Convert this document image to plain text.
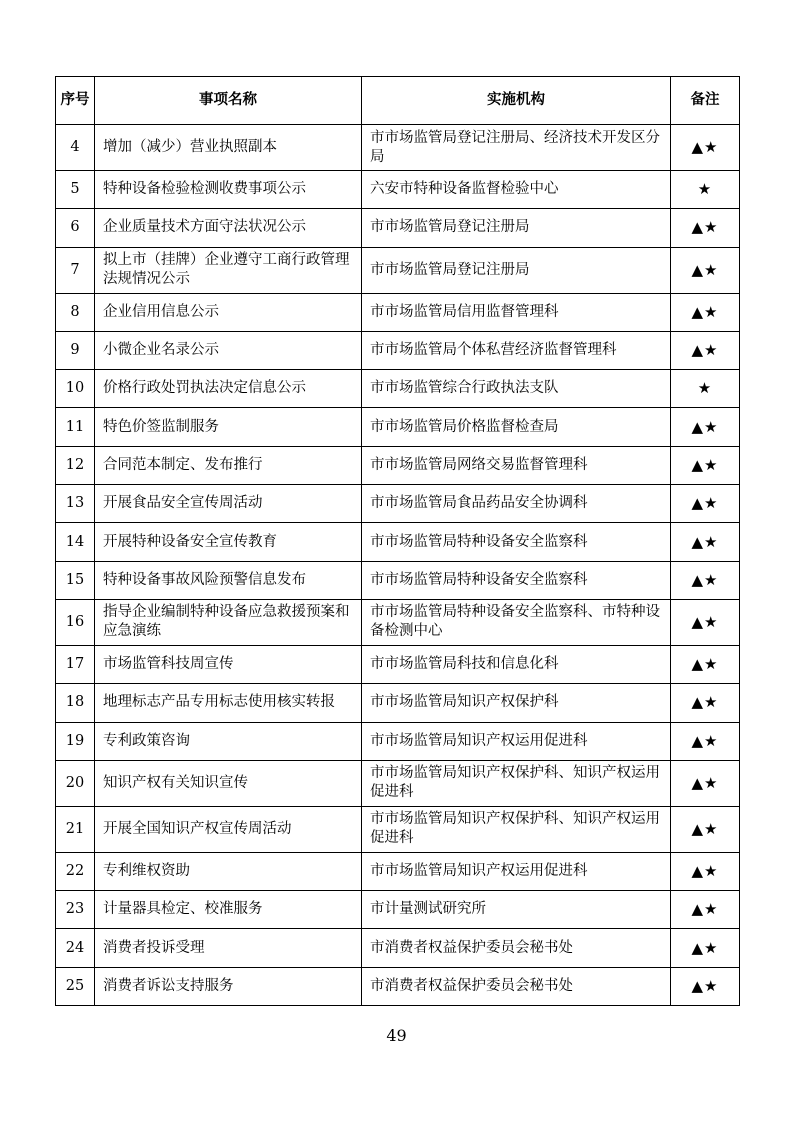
序号	事项名称	实施机构	备注
4	增加（减少）营业执照副本	市市场监管局登记注册局、经济技术开发区分局	▲★
5	特种设备检验检测收费事项公示	六安市特种设备监督检验中心	★
6	企业质量技术方面守法状况公示	市市场监管局登记注册局	▲★
7	拟上市（挂牌）企业遵守工商行政管理法规情况公示	市市场监管局登记注册局	▲★
8	企业信用信息公示	市市场监管局信用监督管理科	▲★
9	小微企业名录公示	市市场监管局个体私营经济监督管理科	▲★
10	价格行政处罚执法决定信息公示	市市场监管综合行政执法支队	★
11	特色价签监制服务	市市场监管局价格监督检查局	▲★
12	合同范本制定、发布推行	市市场监管局网络交易监督管理科	▲★
13	开展食品安全宣传周活动	市市场监管局食品药品安全协调科	▲★
14	开展特种设备安全宣传教育	市市场监管局特种设备安全监察科	▲★
15	特种设备事故风险预警信息发布	市市场监管局特种设备安全监察科	▲★
16	指导企业编制特种设备应急救援预案和应急演练	市市场监管局特种设备安全监察科、市特种设备检测中心	▲★
17	市场监管科技周宣传	市市场监管局科技和信息化科	▲★
18	地理标志产品专用标志使用核实转报	市市场监管局知识产权保护科	▲★
19	专利政策咨询	市市场监管局知识产权运用促进科	▲★
20	知识产权有关知识宣传	市市场监管局知识产权保护科、知识产权运用促进科	▲★
21	开展全国知识产权宣传周活动	市市场监管局知识产权保护科、知识产权运用促进科	▲★
22	专利维权资助	市市场监管局知识产权运用促进科	▲★
23	计量器具检定、校准服务	市计量测试研究所	▲★
24	消费者投诉受理	市消费者权益保护委员会秘书处	▲★
25	消费者诉讼支持服务	市消费者权益保护委员会秘书处	▲★
49
